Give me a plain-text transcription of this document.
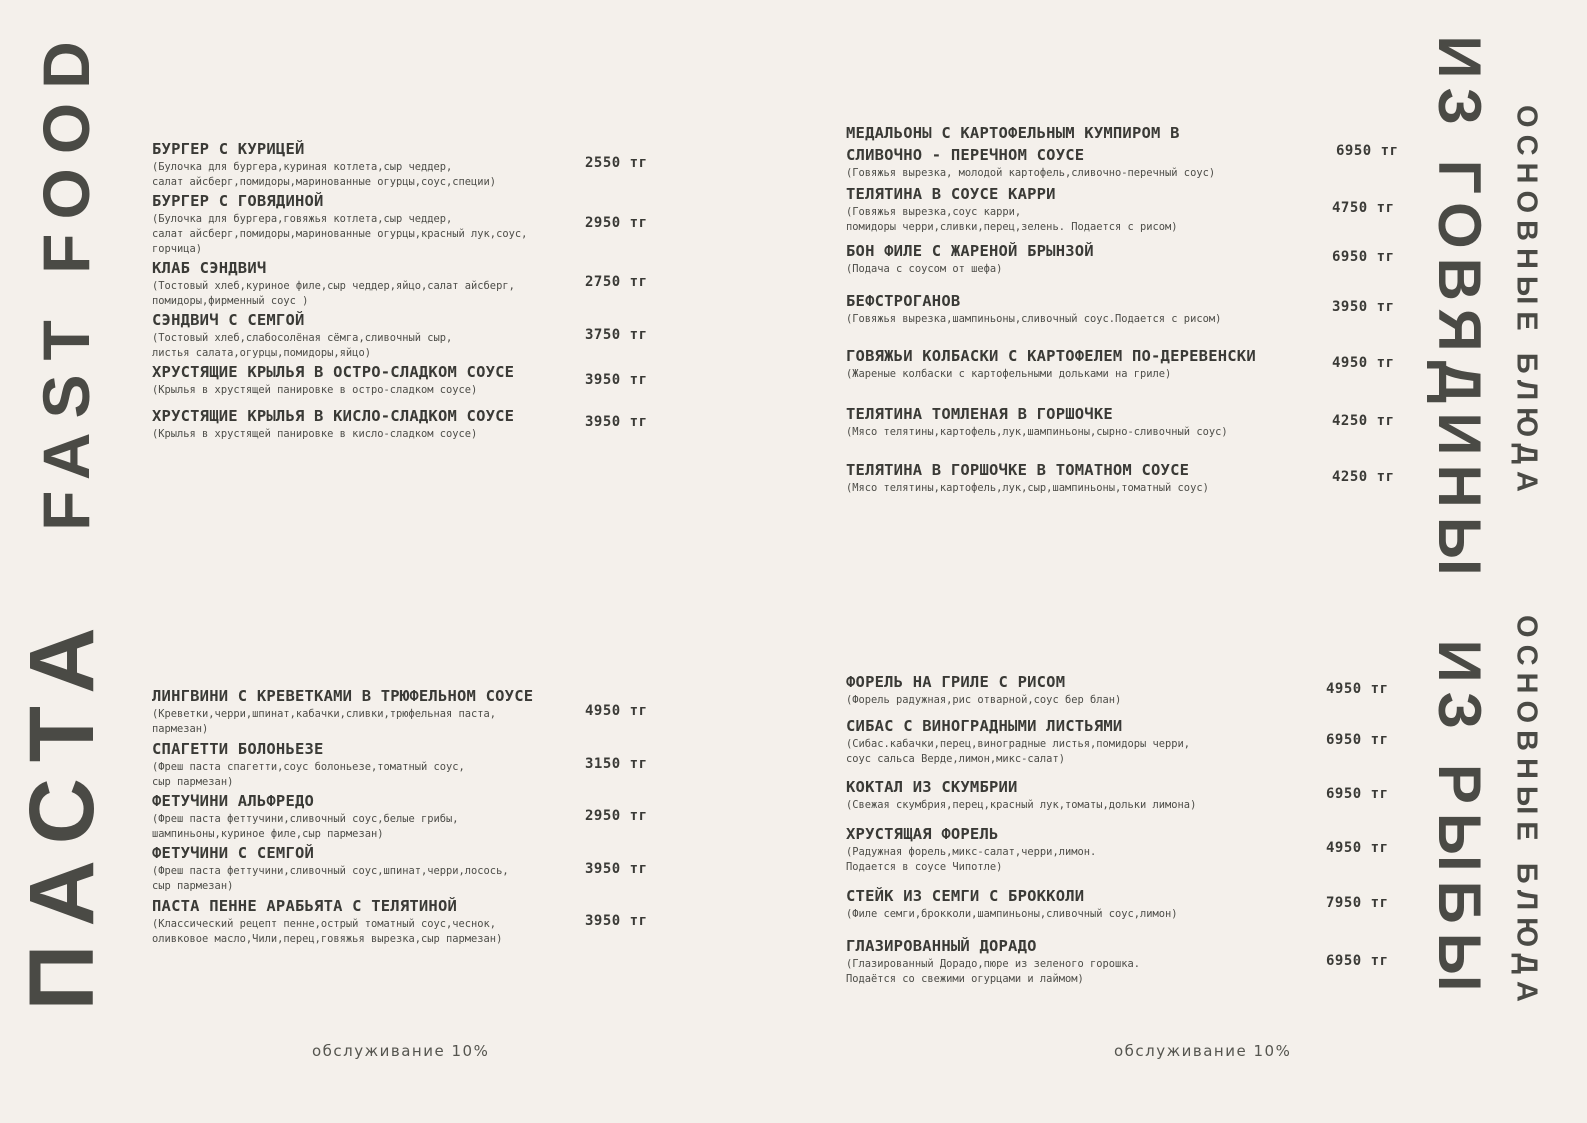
FAST FOOD
ПАСТА
ИЗ ГОВЯДИНЫ ОСНОВНЫЕ БЛЮДА
ИЗ РЫБЫ ОСНОВНЫЕ БЛЮДА
БУРГЕР С КУРИЦЕЙ
(Булочка для бургера,куриная котлета,сыр чеддер,
салат айсберг,помидоры,маринованные огурцы,соус,специи)
2550 тг
БУРГЕР С ГОВЯДИНОЙ
(Булочка для бургера,говяжья котлета,сыр чеддер,
салат айсберг,помидоры,маринованные огурцы,красный лук,соус,
горчица)
2950 тг
КЛАБ СЭНДВИЧ
(Тостовый хлеб,куриное филе,сыр чеддер,яйцо,салат айсберг,
помидоры,фирменный соус )
2750 тг
СЭНДВИЧ С СЕМГОЙ
(Тостовый хлеб,слабосолёная сёмга,сливочный сыр,
листья салата,огурцы,помидоры,яйцо)
3750 тг
ХРУСТЯЩИЕ КРЫЛЬЯ В ОСТРО-СЛАДКОМ СОУСЕ
(Крылья в хрустящей панировке в остро-сладком соусе)
3950 тг
ХРУСТЯЩИЕ КРЫЛЬЯ В КИСЛО-СЛАДКОМ СОУСЕ
(Крылья в хрустящей панировке в кисло-сладком соусе)
3950 тг
ЛИНГВИНИ С КРЕВЕТКАМИ В ТРЮФЕЛЬНОМ СОУСЕ
(Креветки,черри,шпинат,кабачки,сливки,трюфельная паста,
пармезан)
4950 тг
СПАГЕТТИ БОЛОНЬЕЗЕ
(Фреш паста спагетти,соус болоньезе,томатный соус,
сыр пармезан)
3150 тг
ФЕТУЧИНИ АЛЬФРЕДО
(Фреш паста феттучини,сливочный соус,белые грибы,
шампиньоны,куриное филе,сыр пармезан)
2950 тг
ФЕТУЧИНИ С СЕМГОЙ
(Фреш паста феттучини,сливочный соус,шпинат,черри,лосось,
сыр пармезан)
3950 тг
ПАСТА ПЕННЕ АРАБЬЯТА С ТЕЛЯТИНОЙ
(Классический рецепт пенне,острый томатный соус,чеснок,
оливковое масло,Чили,перец,говяжья вырезка,сыр пармезан)
3950 тг
МЕДАЛЬОНЫ С КАРТОФЕЛЬНЫМ КУМПИРОМ В
СЛИВОЧНО - ПЕРЕЧНОМ СОУСЕ
(Говяжья вырезка, молодой картофель,сливочно-перечный соус)
6950 тг
ТЕЛЯТИНА В СОУСЕ КАРРИ
(Говяжья вырезка,соус карри,
помидоры черри,сливки,перец,зелень. Подается с рисом)
4750 тг
БОН ФИЛЕ С ЖАРЕНОЙ БРЫНЗОЙ
(Подача с соусом от шефа)
6950 тг
БЕФСТРОГАНОВ
(Говяжья вырезка,шампиньоны,сливочный соус.Подается с рисом)
3950 тг
ГОВЯЖЬИ КОЛБАСКИ С КАРТОФЕЛЕМ ПО-ДЕРЕВЕНСКИ
(Жареные колбаски с картофельными дольками на гриле)
4950 тг
ТЕЛЯТИНА ТОМЛЕНАЯ В ГОРШОЧКЕ
(Мясо телятины,картофель,лук,шампиньоны,сырно-сливочный соус)
4250 тг
ТЕЛЯТИНА В ГОРШОЧКЕ В ТОМАТНОМ СОУСЕ
(Мясо телятины,картофель,лук,сыр,шампиньоны,томатный соус)
4250 тг
ФОРЕЛЬ НА ГРИЛЕ С РИСОМ
(Форель радужная,рис отварной,соус бер блан)
4950 тг
СИБАС С ВИНОГРАДНЫМИ ЛИСТЬЯМИ
(Сибас.кабачки,перец,виноградные листья,помидоры черри,
соус сальса Верде,лимон,микс-салат)
6950 тг
КОКТАЛ ИЗ СКУМБРИИ
(Свежая скумбрия,перец,красный лук,томаты,дольки лимона)
6950 тг
ХРУСТЯЩАЯ ФОРЕЛЬ
(Радужная форель,микс-салат,черри,лимон.
Подается в соусе Чипотле)
4950 тг
СТЕЙК ИЗ СЕМГИ С БРОККОЛИ
(Филе семги,брокколи,шампиньоны,сливочный соус,лимон)
7950 тг
ГЛАЗИРОВАННЫЙ ДОРАДО
(Глазированный Дорадо,пюре из зеленого горошка.
Подаётся со свежими огурцами и лаймом)
6950 тг
обслуживание 10%	обслуживание 10%
